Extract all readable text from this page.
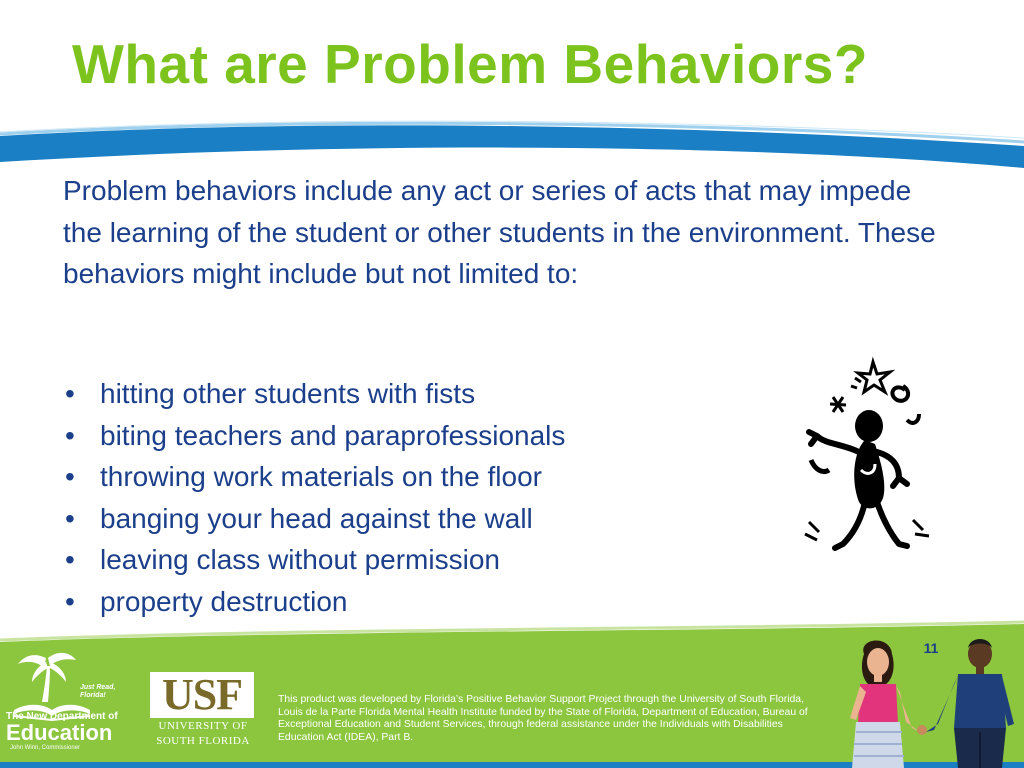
What are Problem Behaviors?
Problem behaviors include any act or series of acts that may impede the learning of the student or other students in the environment. These behaviors might include but not limited to:
• hitting other students with fists
• biting teachers and paraprofessionals
• throwing work materials on the floor
• banging your head against the wall
• leaving class without permission
• property destruction
11
Just Read, Florida!
The New Department of
Education
John Winn, Commissioner
USF
UNIVERSITY OF
SOUTH FLORIDA
This product was developed by Florida’s Positive Behavior Support Project through the University of South Florida, Louis de la Parte Florida Mental Health Institute funded by the State of Florida, Department of Education, Bureau of Exceptional Education and Student Services, through federal assistance under the Individuals with Disabilities Education Act (IDEA), Part B.
